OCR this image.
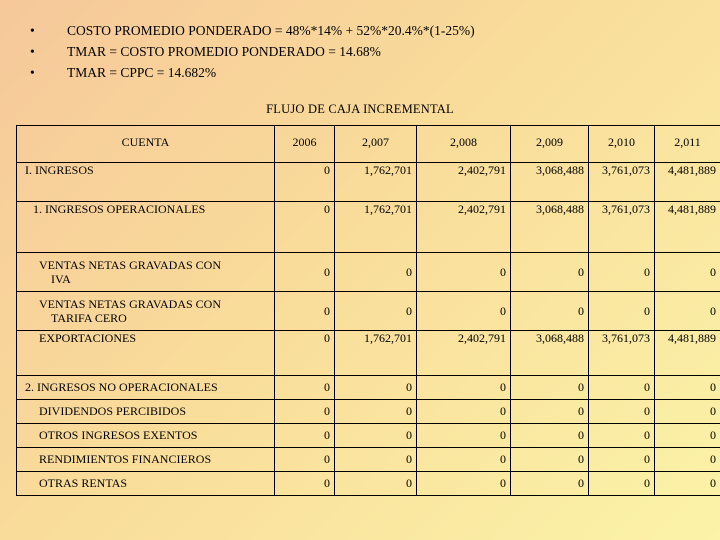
• COSTO PROMEDIO PONDERADO = 48%*14% + 52%*20.4%*(1-25%)
• TMAR = COSTO PROMEDIO PONDERADO = 14.68%
• TMAR = CPPC = 14.682%
FLUJO DE CAJA INCREMENTAL
CUENTA	2006	2,007	2,008	2,009	2,010	2,011
I. INGRESOS	0	1,762,701	2,402,791	3,068,488	3,761,073	4,481,889
1. INGRESOS OPERACIONALES	0	1,762,701	2,402,791	3,068,488	3,761,073	4,481,889

VENTAS NETAS GRAVADAS CON
IVA	0	0	0	0	0	0

VENTAS NETAS GRAVADAS CON
TARIFA CERO	0	0	0	0	0	0
EXPORTACIONES	0	1,762,701	2,402,791	3,068,488	3,761,073	4,481,889
2. INGRESOS NO OPERACIONALES	0	0	0	0	0	0
DIVIDENDOS PERCIBIDOS	0	0	0	0	0	0
OTROS INGRESOS EXENTOS	0	0	0	0	0	0
RENDIMIENTOS FINANCIEROS	0	0	0	0	0	0
OTRAS RENTAS	0	0	0	0	0	0
